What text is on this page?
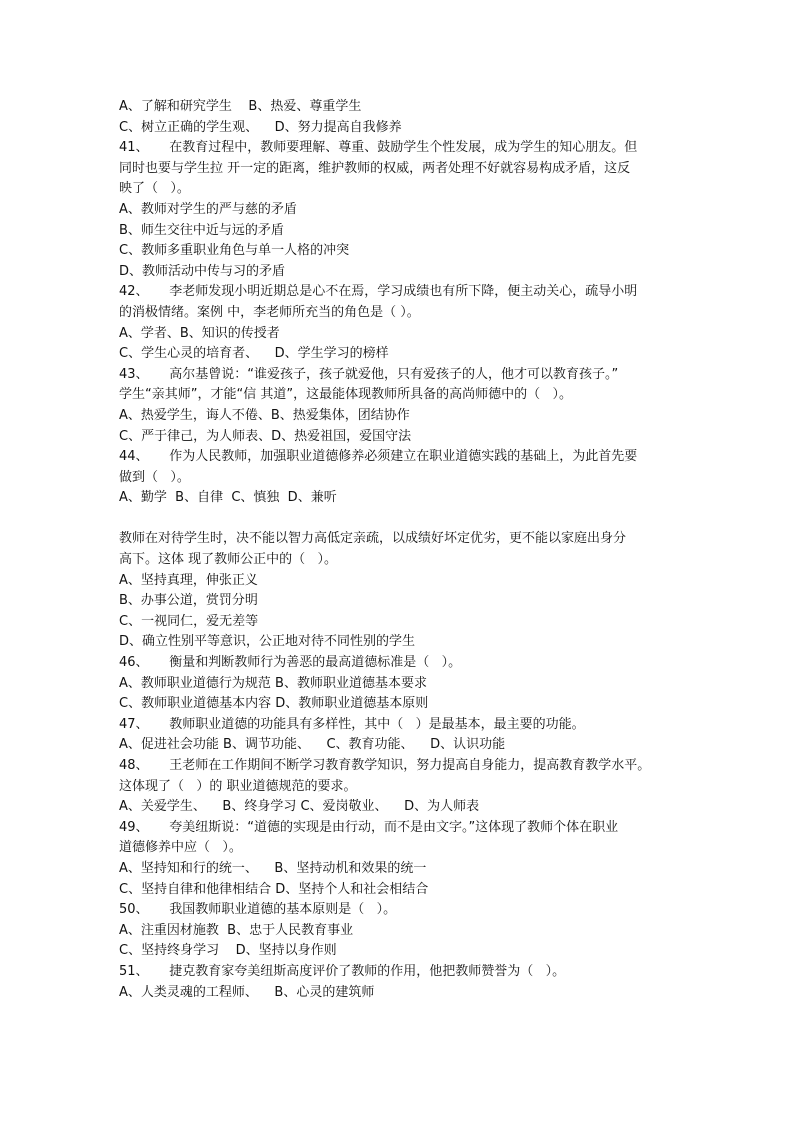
A、了解和研究学生    B、热爱、尊重学生
C、树立正确的学生观、    D、努力提高自我修养
41、     在教育过程中，教师要理解、尊重、鼓励学生个性发展，成为学生的知心朋友。但
同时也要与学生拉 开一定的距离，维护教师的权威，两者处理不好就容易构成矛盾，这反
映了（   ）。
A、教师对学生的严与慈的矛盾
B、师生交往中近与远的矛盾
C、教师多重职业角色与单一人格的冲突
D、教师活动中传与习的矛盾
42、     李老师发现小明近期总是心不在焉，学习成绩也有所下降，便主动关心，疏导小明
的消极情绪。案例 中，李老师所充当的角色是（ ）。
A、学者、B、知识的传授者
C、学生心灵的培育者、    D、学生学习的榜样
43、     高尔基曾说：“谁爱孩子，孩子就爱他，只有爱孩子的人，他才可以教育孩子。”
学生“亲其师”，才能“信 其道”，这最能体现教师所具备的高尚师德中的（   ）。
A、热爱学生，诲人不倦、B、热爱集体，团结协作
C、严于律己，为人师表、D、热爱祖国，爱国守法
44、     作为人民教师，加强职业道德修养必须建立在职业道德实践的基础上，为此首先要
做到（   ）。
A、勤学  B、自律  C、慎独  D、兼听
教师在对待学生时，决不能以智力高低定亲疏，以成绩好坏定优劣，更不能以家庭出身分
高下。这体 现了教师公正中的（   ）。
A、坚持真理，伸张正义
B、办事公道，赏罚分明
C、一视同仁，爱无差等
D、确立性别平等意识，公正地对待不同性别的学生
46、     衡量和判断教师行为善恶的最高道德标准是（   ）。
A、教师职业道德行为规范 B、教师职业道德基本要求
C、教师职业道德基本内容 D、教师职业道德基本原则
47、     教师职业道德的功能具有多样性，其中（   ）是最基本，最主要的功能。
A、促进社会功能 B、调节功能、    C、教育功能、    D、认识功能
48、     王老师在工作期间不断学习教育教学知识，努力提高自身能力，提高教育教学水平。
这体现了（   ）的 职业道德规范的要求。
A、关爱学生、    B、终身学习 C、爱岗敬业、    D、为人师表
49、     夸美纽斯说：“道德的实现是由行动，而不是由文字。”这体现了教师个体在职业
道德修养中应（   ）。
A、坚持知和行的统一、    B、坚持动机和效果的统一
C、坚持自律和他律相结合 D、坚持个人和社会相结合
50、     我国教师职业道德的基本原则是（   ）。
A、注重因材施教  B、忠于人民教育事业
C、坚持终身学习    D、坚持以身作则
51、     捷克教育家夸美纽斯高度评价了教师的作用，他把教师赞誉为（   ）。
A、人类灵魂的工程师、    B、心灵的建筑师
